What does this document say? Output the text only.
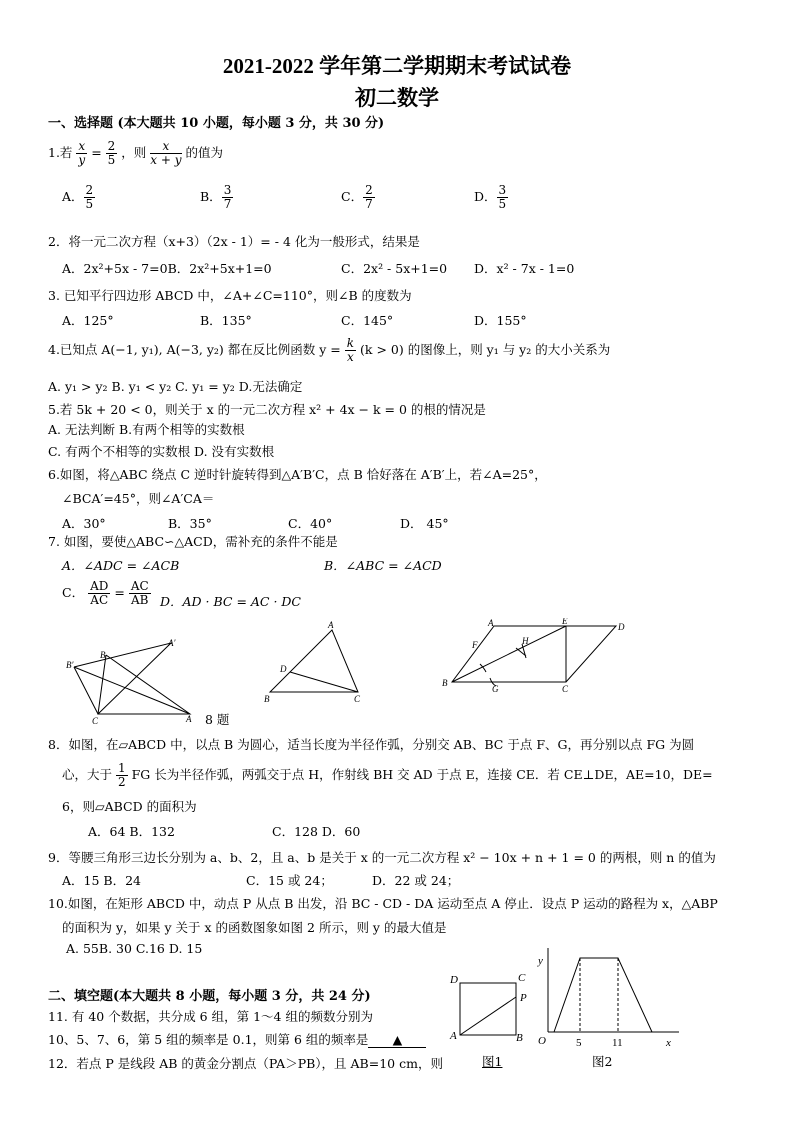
2021-2022 学年第二学期期末考试试卷
初二数学
一、选择题 (本大题共 10 小题，每小题 3 分，共 30 分)
1.若 $\frac{x}{y} = \frac{2}{5}$ ，则 $\frac{x}{x + y}$ 的值为
A． $\frac{2}{5}$	B． $\frac{3}{7}$	C． $\frac{2}{7}$	D． $\frac{3}{5}$
2．将一元二次方程（x+3）（2x - 1）= - 4 化为一般形式，结果是
A．2x²+5x - 7=0B．2x²+5x+1=0	C．2x² - 5x+1=0 D．x² - 7x - 1=0
3. 已知平行四边形 ABCD 中，∠A+∠C=110°，则∠B 的度数为
A．125°	B．135°	C．145°	D．155°
4.已知点 A(−1, y₁), A(−3, y₂) 都在反比例函数 $y = \frac{k}{x} (k > 0)$ 的图像上，则 y₁ 与 y₂ 的大小关系为
A. y₁ > y₂ B. y₁ < y₂ C. y₁ = y₂ D.无法确定
5.若 5k + 20 < 0，则关于 x 的一元二次方程 x² + 4x − k = 0 的根的情况是
A. 无法判断 B.有两个相等的实数根
C. 有两个不相等的实数根 D. 没有实数根
6.如图，将△ABC 绕点 C 逆时针旋转得到△A′B′C，点 B 恰好落在 A′B′上，若∠A=25°，
∠BCA′=45°，则∠A′CA＝
A．30°	B．35°	C．40°	D． 45°
7. 如图，要使△ABC∽△ACD，需补充的条件不能是
A．∠ADC = ∠ACB	B．∠ABC = ∠ACD
C． $\frac{AD}{AC} = \frac{AC}{AB}$ D．AD · BC = AC · DC
A′
B′
B
C	A 8 题
A
D
B	C
A	E
D
F	H
B
G	C
8．如图，在▱ABCD 中，以点 B 为圆心，适当长度为半径作弧，分别交 AB、BC 于点 F、G，再分别以点 FG 为圆
心，大于 $\frac{1}{2}$ FG 长为半径作弧，两弧交于点 H，作射线 BH 交 AD 于点 E，连接 CE．若 CE⊥DE，AE=10，DE=
6，则▱ABCD 的面积为
A．64 B．132	C．128 D．60
9．等腰三角形三边长分别为 a、b、2，且 a、b 是关于 x 的一元二次方程 x² − 10x + n + 1 = 0 的两根，则 n 的值为
A．15 B．24	C．15 或 24；	D．22 或 24；
10.如图，在矩形 ABCD 中，动点 P 从点 B 出发，沿 BC - CD - DA 运动至点 A 停止．设点 P 运动的路程为 x，△ABP
的面积为 y，如果 y 关于 x 的函数图象如图 2 所示，则 y 的最大值是
A. 55B. 30 C.16 D. 15
二、填空题(本大题共 8 小题，每小题 3 分，共 24 分)
11. 有 40 个数据，共分成 6 组，第 1～4 组的频数分别为
10、5、7、6，第 5 组的频率是 0.1，则第 6 组的频率是 ▲
12．若点 P 是线段 AB 的黄金分割点（PA＞PB），且 AB=10 cm，则
D	C
P
A	B
图1
y
x
O	5	11
图2
